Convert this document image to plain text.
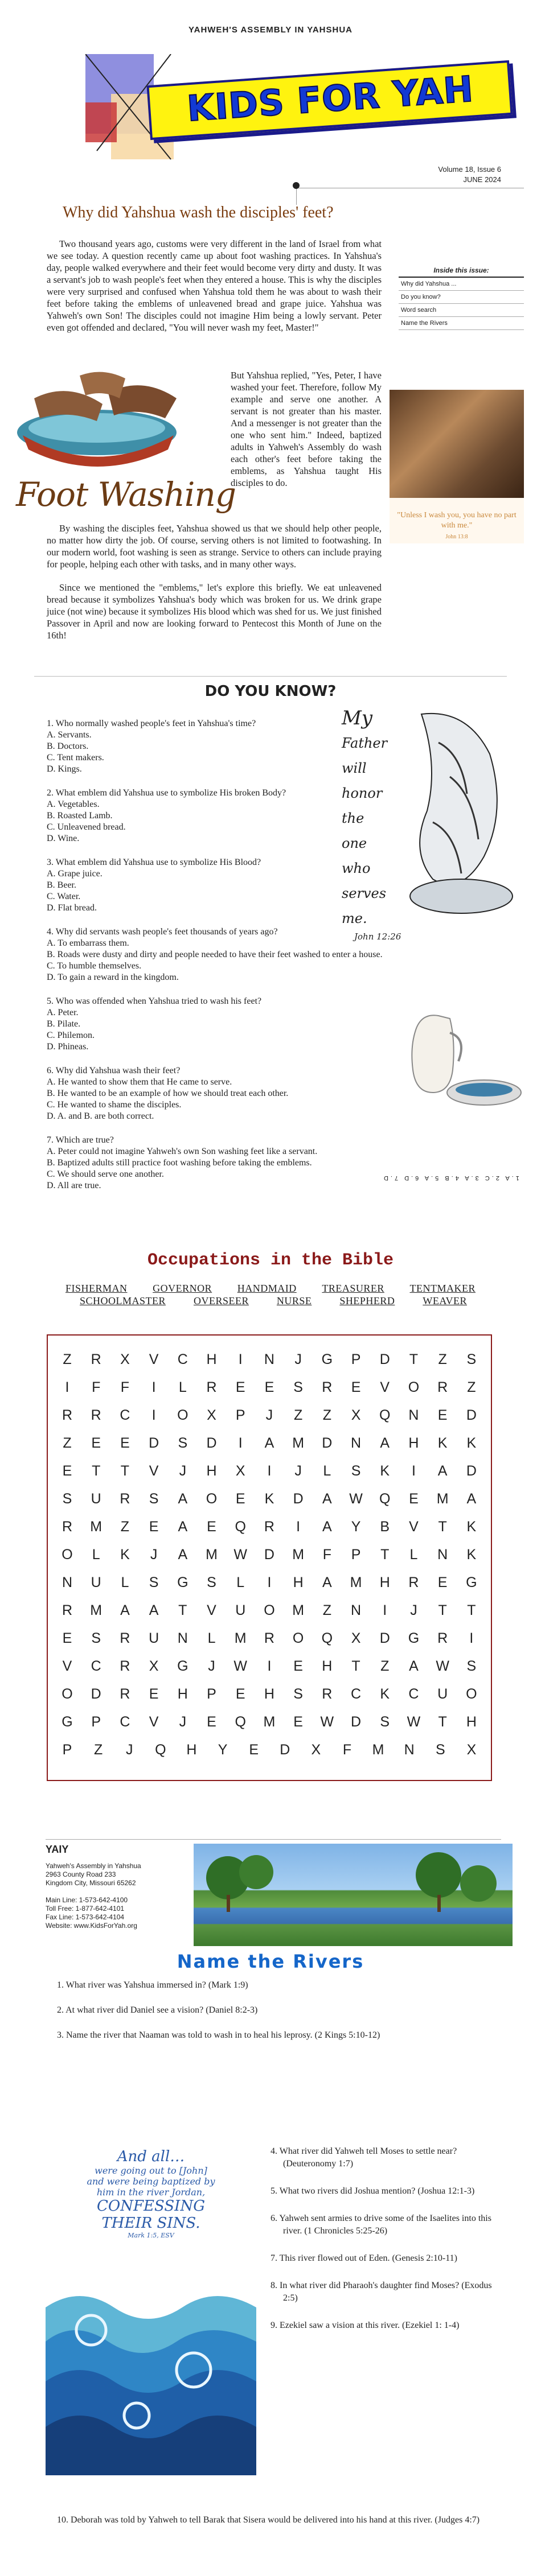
YAHWEH'S ASSEMBLY IN YAHSHUA
KIDS FOR YAH
Volume 18, Issue 6
JUNE 2024
Why did Yahshua wash the disciples' feet?
Two thousand years ago, customs were very different in the land of Israel from what we see today. A question recently came up about foot washing practices. In Yahshua's day, people walked everywhere and their feet would become very dirty and dusty. It was a servant's job to wash people's feet when they entered a house. This is why the disciples were very surprised and confused when Yahshua told them he was about to wash their feet before taking the emblems of unleavened bread and grape juice. Yahshua was Yahweh's own Son! The disciples could not imagine Him being a lowly servant. Peter even got offended and declared, "You will never wash my feet, Master!"
Foot Washing
But Yahshua replied, "Yes, Peter, I have washed your feet. Therefore, follow My example and serve one another. A servant is not greater than his master. And a messenger is not greater than the one who sent him." Indeed, baptized adults in Yahweh's Assembly do wash each other's feet before taking the emblems, as Yahshua taught His disciples to do.
By washing the disciples feet, Yahshua showed us that we should help other people, no matter how dirty the job. Of course, serving others is not limited to footwashing. In our modern world, foot washing is seen as strange. Service to others can include praying for people, helping each other with tasks, and in many other ways.
Since we mentioned the "emblems," let's explore this briefly. We eat unleavened bread because it symbolizes Yahshua's body which was broken for us. We drink grape juice (not wine) because it symbolizes His blood which was shed for us. We just finished Passover in April and now are looking forward to Pentecost this Month of June on the 16th!
Inside this issue:
Why did Yahshua ...
Do you know?
Word search
Name the Rivers
"Unless I wash you, you have no part with me."
John 13:8
DO YOU KNOW?
1. Who normally washed people's feet in Yahshua's time?
A. Servants.
B. Doctors.
C. Tent makers.
D. Kings.
2. What emblem did Yahshua use to symbolize His broken Body?
A. Vegetables.
B. Roasted Lamb.
C. Unleavened bread.
D. Wine.
3. What emblem did Yahshua use to symbolize His Blood?
A. Grape juice.
B. Beer.
C. Water.
D. Flat bread.
4. Why did servants wash people's feet thousands of years ago?
A. To embarrass them.
B. Roads were dusty and dirty and people needed to have their feet washed to enter a house.
C. To humble themselves.
D. To gain a reward in the kingdom.
5. Who was offended when Yahshua tried to wash his feet?
A. Peter.
B. Pilate.
C. Philemon.
D. Phineas.
6. Why did Yahshua wash their feet?
A. He wanted to show them that He came to serve.
B. He wanted to be an example of how we should treat each other.
C. He wanted to shame the disciples.
D. A. and B. are both correct.
7. Which are true?
A. Peter could not imagine Yahweh's own Son washing feet like a servant.
B. Baptized adults still practice foot washing before taking the emblems.
C. We should serve one another.
D. All are true.
My
Father
will
honor
the
one
who
serves
me.
John 12:26
1.A 2.C 3.A 4.B 5.A 6.D 7.D
Occupations in the Bible
FISHERMAN GOVERNOR HANDMAID TREASURER TENTMAKER
SCHOOLMASTER	OVERSEER	NURSE	SHEPHERD	WEAVER
Z	R	X	V	C	H	I	N	J	G	P	D	T	Z	S
I	F	F	I	L	R	E	E	S	R	E	V	O	R	Z
R	R	C	I	O	X	P	J	Z	Z	X	Q	N	E	D
Z	E	E	D	S	D	I	A	M	D	N	A	H	K	K
E	T	T	V	J	H	X	I	J	L	S	K	I	A	D
S	U	R	S	A	O	E	K	D	A	W	Q	E	M	A
R	M	Z	E	A	E	Q	R	I	A	Y	B	V	T	K
O	L	K	J	A	M	W	D	M	F	P	T	L	N	K
N	U	L	S	G	S	L	I	H	A	M	H	R	E	G
R	M	A	A	T	V	U	O	M	Z	N	I	J	T	T
E	S	R	U	N	L	M	R	O	Q	X	D	G	R	I
V	C	R	X	G	J	W	I	E	H	T	Z	A	W	S
O	D	R	E	H	P	E	H	S	R	C	K	C	U	O
G	P	C	V	J	E	Q	M	E	W	D	S	W	T	H
P	Z	J	Q	H	Y	E	D	X	F	M	N	S	X
YAIY
Yahweh's Assembly in Yahshua
2963 County Road 233
Kingdom City, Missouri 65262
Main Line: 1-573-642-4100
Toll Free: 1-877-642-4101
Fax Line: 1-573-642-4104
Website: www.KidsForYah.org
Name the Rivers
1. What river was Yahshua immersed in? (Mark 1:9)
2. At what river did Daniel see a vision? (Daniel 8:2-3)
3. Name the river that Naaman was told to wash in to heal his leprosy. (2 Kings 5:10-12)
4. What river did Yahweh tell Moses to settle near? (Deuteronomy 1:7)
5. What two rivers did Joshua mention? (Joshua 12:1-3)
6. Yahweh sent armies to drive some of the Isaelites into this river. (1 Chronicles 5:25-26)
7. This river flowed out of Eden. (Genesis 2:10-11)
8. In what river did Pharaoh's daughter find Moses? (Exodus 2:5)
9. Ezekiel saw a vision at this river. (Ezekiel 1: 1-4)
And all…
were going out to [John]
and were being baptized by
him in the river Jordan,
CONFESSING
THEIR SINS.
Mark 1:5, ESV
10. Deborah was told by Yahweh to tell Barak that Sisera would be delivered into his hand at this river. (Judges 4:7)
